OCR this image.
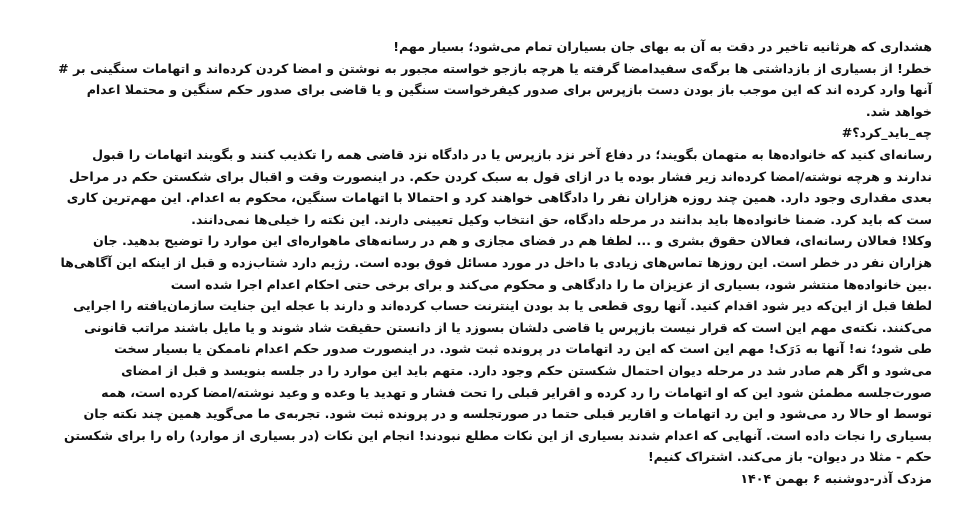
هشداری که هرثانیه تاخیر در دقت به آن به بهای جان بسیاران تمام می‌شود؛ بسیار مهم!
خطر! از بسیاری از بازداشتی ها برگه‌ی سفیدامضا گرفته یا هرچه بازجو خواسته مجبور به نوشتن و امضا کردن کرده‌اند و اتهامات سنگینی بر #
آنها وارد کرده اند که این موجب باز بودن دست بازپرس برای صدور کیفرخواست سنگین و یا قاضی برای صدور حکم سنگین و محتملا اعدام
خواهد شد.
چه_باید_کرد؟#
رسانه‌ای کنید که خانواده‌ها به متهمان بگویند؛ در دفاع آخر نزد بازپرس یا در دادگاه نزد قاضی همه را تکذیب کنند و بگویند اتهامات را قبول
ندارند و هرچه نوشته/امضا کرده‌اند زیر فشار بوده یا در ازای قول به سبک کردن حکم. در اینصورت وقت و اقبال برای شکستن حکم در مراحل
بعدی مقداری وجود دارد. همین چند روزه هزاران نفر را دادگاهی خواهند کرد و احتمالا با اتهامات سنگین، محکوم به اعدام. این مهم‌ترین کاری
ست که باید کرد. ضمنا خانواده‌ها باید بدانند در مرحله دادگاه، حق انتخاب وکیل تعیینی دارند. این نکته را خیلی‌ها نمی‌دانند.
وکلا! فعالان رسانه‌ای، فعالان حقوق بشری و ... لطفا هم در فضای مجازی و هم در رسانه‌های ماهواره‌ای این موارد را توضیح بدهید. جان
هزاران نفر در خطر است. این روزها تماس‌های زیادی با داخل در مورد مسائل فوق بوده است. رژیم دارد شتاب‌زده و قبل از اینکه این آگاهی‌ها
.بین خانواده‌ها منتشر شود، بسیاری از عزیزان ما را دادگاهی و محکوم می‌کند و برای برخی حتی احکام اعدام اجرا شده است
لطفا قبل از این‌که دیر شود اقدام کنید. آنها روی قطعی یا بد بودن اینترنت حساب کرده‌اند و دارند با عجله این جنایت سازمان‌یافته را اجرایی
می‌کنند. نکته‌ی مهم این است که قرار نیست بازپرس یا قاضی دلشان بسوزد یا از دانستن حقیقت شاد شوند و یا مایل باشند مراتب قانونی
طی شود؛ نه! آنها به دَرَک! مهم این است که این رد اتهامات در پرونده ثبت شود. در اینصورت صدور حکم اعدام ناممکن یا بسیار سخت
می‌شود و اگر هم صادر شد در مرحله دیوان احتمال شکستن حکم وجود دارد. متهم باید این موارد را در جلسه بنویسد و قبل از امضای
صورت‌جلسه مطمئن شود این که او اتهامات را رد کرده و اقرایر قبلی را تحت فشار و تهدید یا وعده و وعید نوشته/امضا کرده است، همه
توسط او حالا رد می‌شود و این رد اتهامات و اقاریر قبلی حتما در صورتجلسه و در پرونده ثبت شود. تجربه‌ی ما می‌گوید همین چند نکته جان
بسیاری را نجات داده است. آنهایی که اعدام شدند بسیاری از این نکات مطلع نبودند! انجام این نکات (در بسیاری از موارد) راه را برای شکستن
حکم - مثلا در دیوان- باز می‌کند. اشتراک کنیم!
مزدک آذر-دوشنبه ۶ بهمن ۱۴۰۴
